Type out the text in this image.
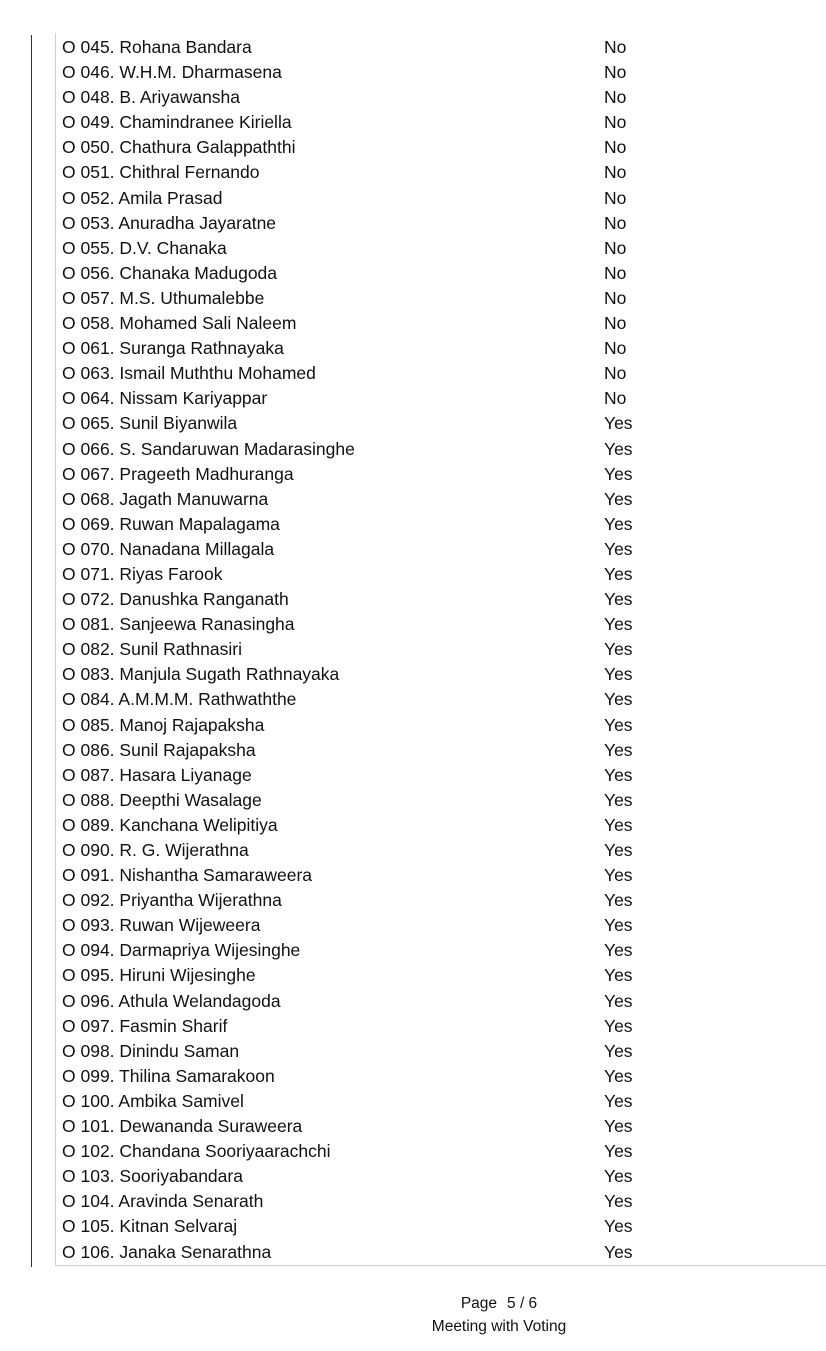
O 045. Rohana Bandara	No
O 046. W.H.M. Dharmasena	No
O 048. B. Ariyawansha	No
O 049. Chamindranee Kiriella	No
O 050. Chathura Galappaththi	No
O 051. Chithral Fernando	No
O 052. Amila Prasad	No
O 053. Anuradha Jayaratne	No
O 055. D.V. Chanaka	No
O 056. Chanaka Madugoda	No
O 057. M.S. Uthumalebbe	No
O 058. Mohamed Sali Naleem	No
O 061. Suranga Rathnayaka	No
O 063. Ismail Muththu Mohamed	No
O 064. Nissam Kariyappar	No
O 065. Sunil Biyanwila	Yes
O 066. S. Sandaruwan Madarasinghe	Yes
O 067. Prageeth Madhuranga	Yes
O 068. Jagath Manuwarna	Yes
O 069. Ruwan Mapalagama	Yes
O 070. Nanadana Millagala	Yes
O 071. Riyas Farook	Yes
O 072. Danushka Ranganath	Yes
O 081. Sanjeewa Ranasingha	Yes
O 082. Sunil Rathnasiri	Yes
O 083. Manjula Sugath Rathnayaka	Yes
O 084. A.M.M.M. Rathwaththe	Yes
O 085. Manoj Rajapaksha	Yes
O 086. Sunil Rajapaksha	Yes
O 087. Hasara Liyanage	Yes
O 088. Deepthi Wasalage	Yes
O 089. Kanchana Welipitiya	Yes
O 090. R. G. Wijerathna	Yes
O 091. Nishantha Samaraweera	Yes
O 092. Priyantha Wijerathna	Yes
O 093. Ruwan Wijeweera	Yes
O 094. Darmapriya Wijesinghe	Yes
O 095. Hiruni Wijesinghe	Yes
O 096. Athula Welandagoda	Yes
O 097. Fasmin Sharif	Yes
O 098. Dinindu Saman	Yes
O 099. Thilina Samarakoon	Yes
O 100. Ambika Samivel	Yes
O 101. Dewananda Suraweera	Yes
O 102. Chandana Sooriyaarachchi	Yes
O 103. Sooriyabandara	Yes
O 104. Aravinda Senarath	Yes
O 105. Kitnan Selvaraj	Yes
O 106. Janaka Senarathna	Yes
Page 5 / 6
Meeting with Voting
